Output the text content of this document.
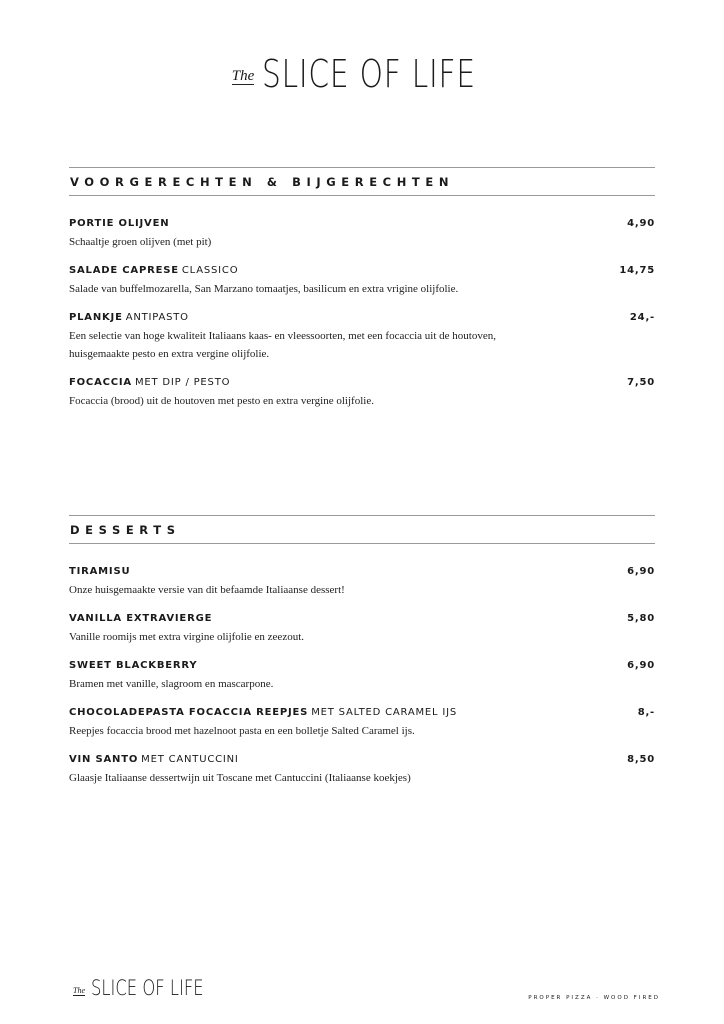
The SLICE OF LIFE
VOORGERECHTEN & BIJGERECHTEN
PORTIE OLIJVEN	4,90
Schaaltje groen olijven (met pit)
SALADE CAPRESE CLASSICO	14,75
Salade van buffelmozarella, San Marzano tomaatjes, basilicum en extra vrigine olijfolie.
PLANKJE ANTIPASTO	24,-
Een selectie van hoge kwaliteit Italiaans kaas- en vleessoorten, met een focaccia uit de houtoven, huisgemaakte pesto en extra vergine olijfolie.
FOCACCIA MET DIP / PESTO	7,50
Focaccia (brood) uit de houtoven met pesto en extra vergine olijfolie.
DESSERTS
TIRAMISU	6,90
Onze huisgemaakte versie van dit befaamde Italiaanse dessert!
VANILLA EXTRAVIERGE	5,80
Vanille roomijs met extra virgine olijfolie en zeezout.
SWEET BLACKBERRY	6,90
Bramen met vanille, slagroom en mascarpone.
CHOCOLADEPASTA FOCACCIA REEPJES MET SALTED CARAMEL IJS	8,-
Reepjes focaccia brood met hazelnoot pasta en een bolletje Salted Caramel ijs.
VIN SANTO MET CANTUCCINI	8,50
Glaasje Italiaanse dessertwijn uit Toscane met Cantuccini (Italiaanse koekjes)
The SLICE OF LIFE	PROPER PIZZA · WOOD FIRED
